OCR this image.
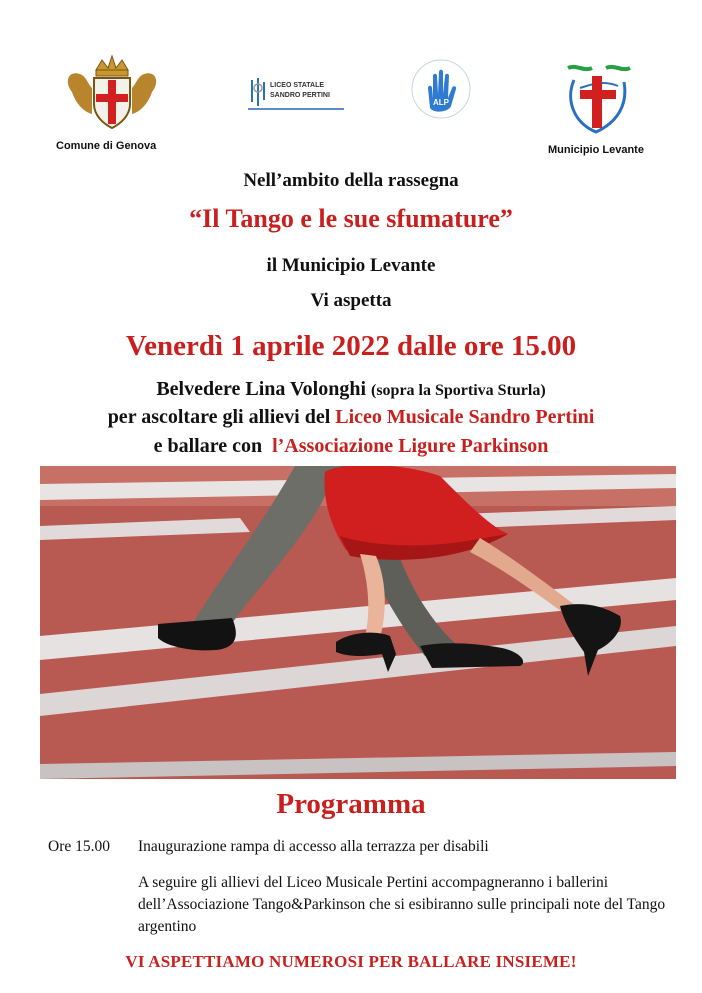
Comune di Genova
LICEO STATALE
SANDRO PERTINI
ALP
Municipio Levante
Nell’ambito della rassegna
“Il Tango e le sue sfumature”
il Municipio Levante
Vi aspetta
Venerdì 1 aprile 2022 dalle ore 15.00
Belvedere Lina Volonghi (sopra la Sportiva Sturla)
per ascoltare gli allievi del Liceo Musicale Sandro Pertini
e ballare con  l’Associazione Ligure Parkinson
Programma
Ore 15.00 Inaugurazione rampa di accesso alla terrazza per disabili
A seguire gli allievi del Liceo Musicale Pertini accompagneranno i ballerini dell’Associazione Tango&Parkinson che si esibiranno sulle principali note del Tango argentino
VI ASPETTIAMO NUMEROSI PER BALLARE INSIEME!
